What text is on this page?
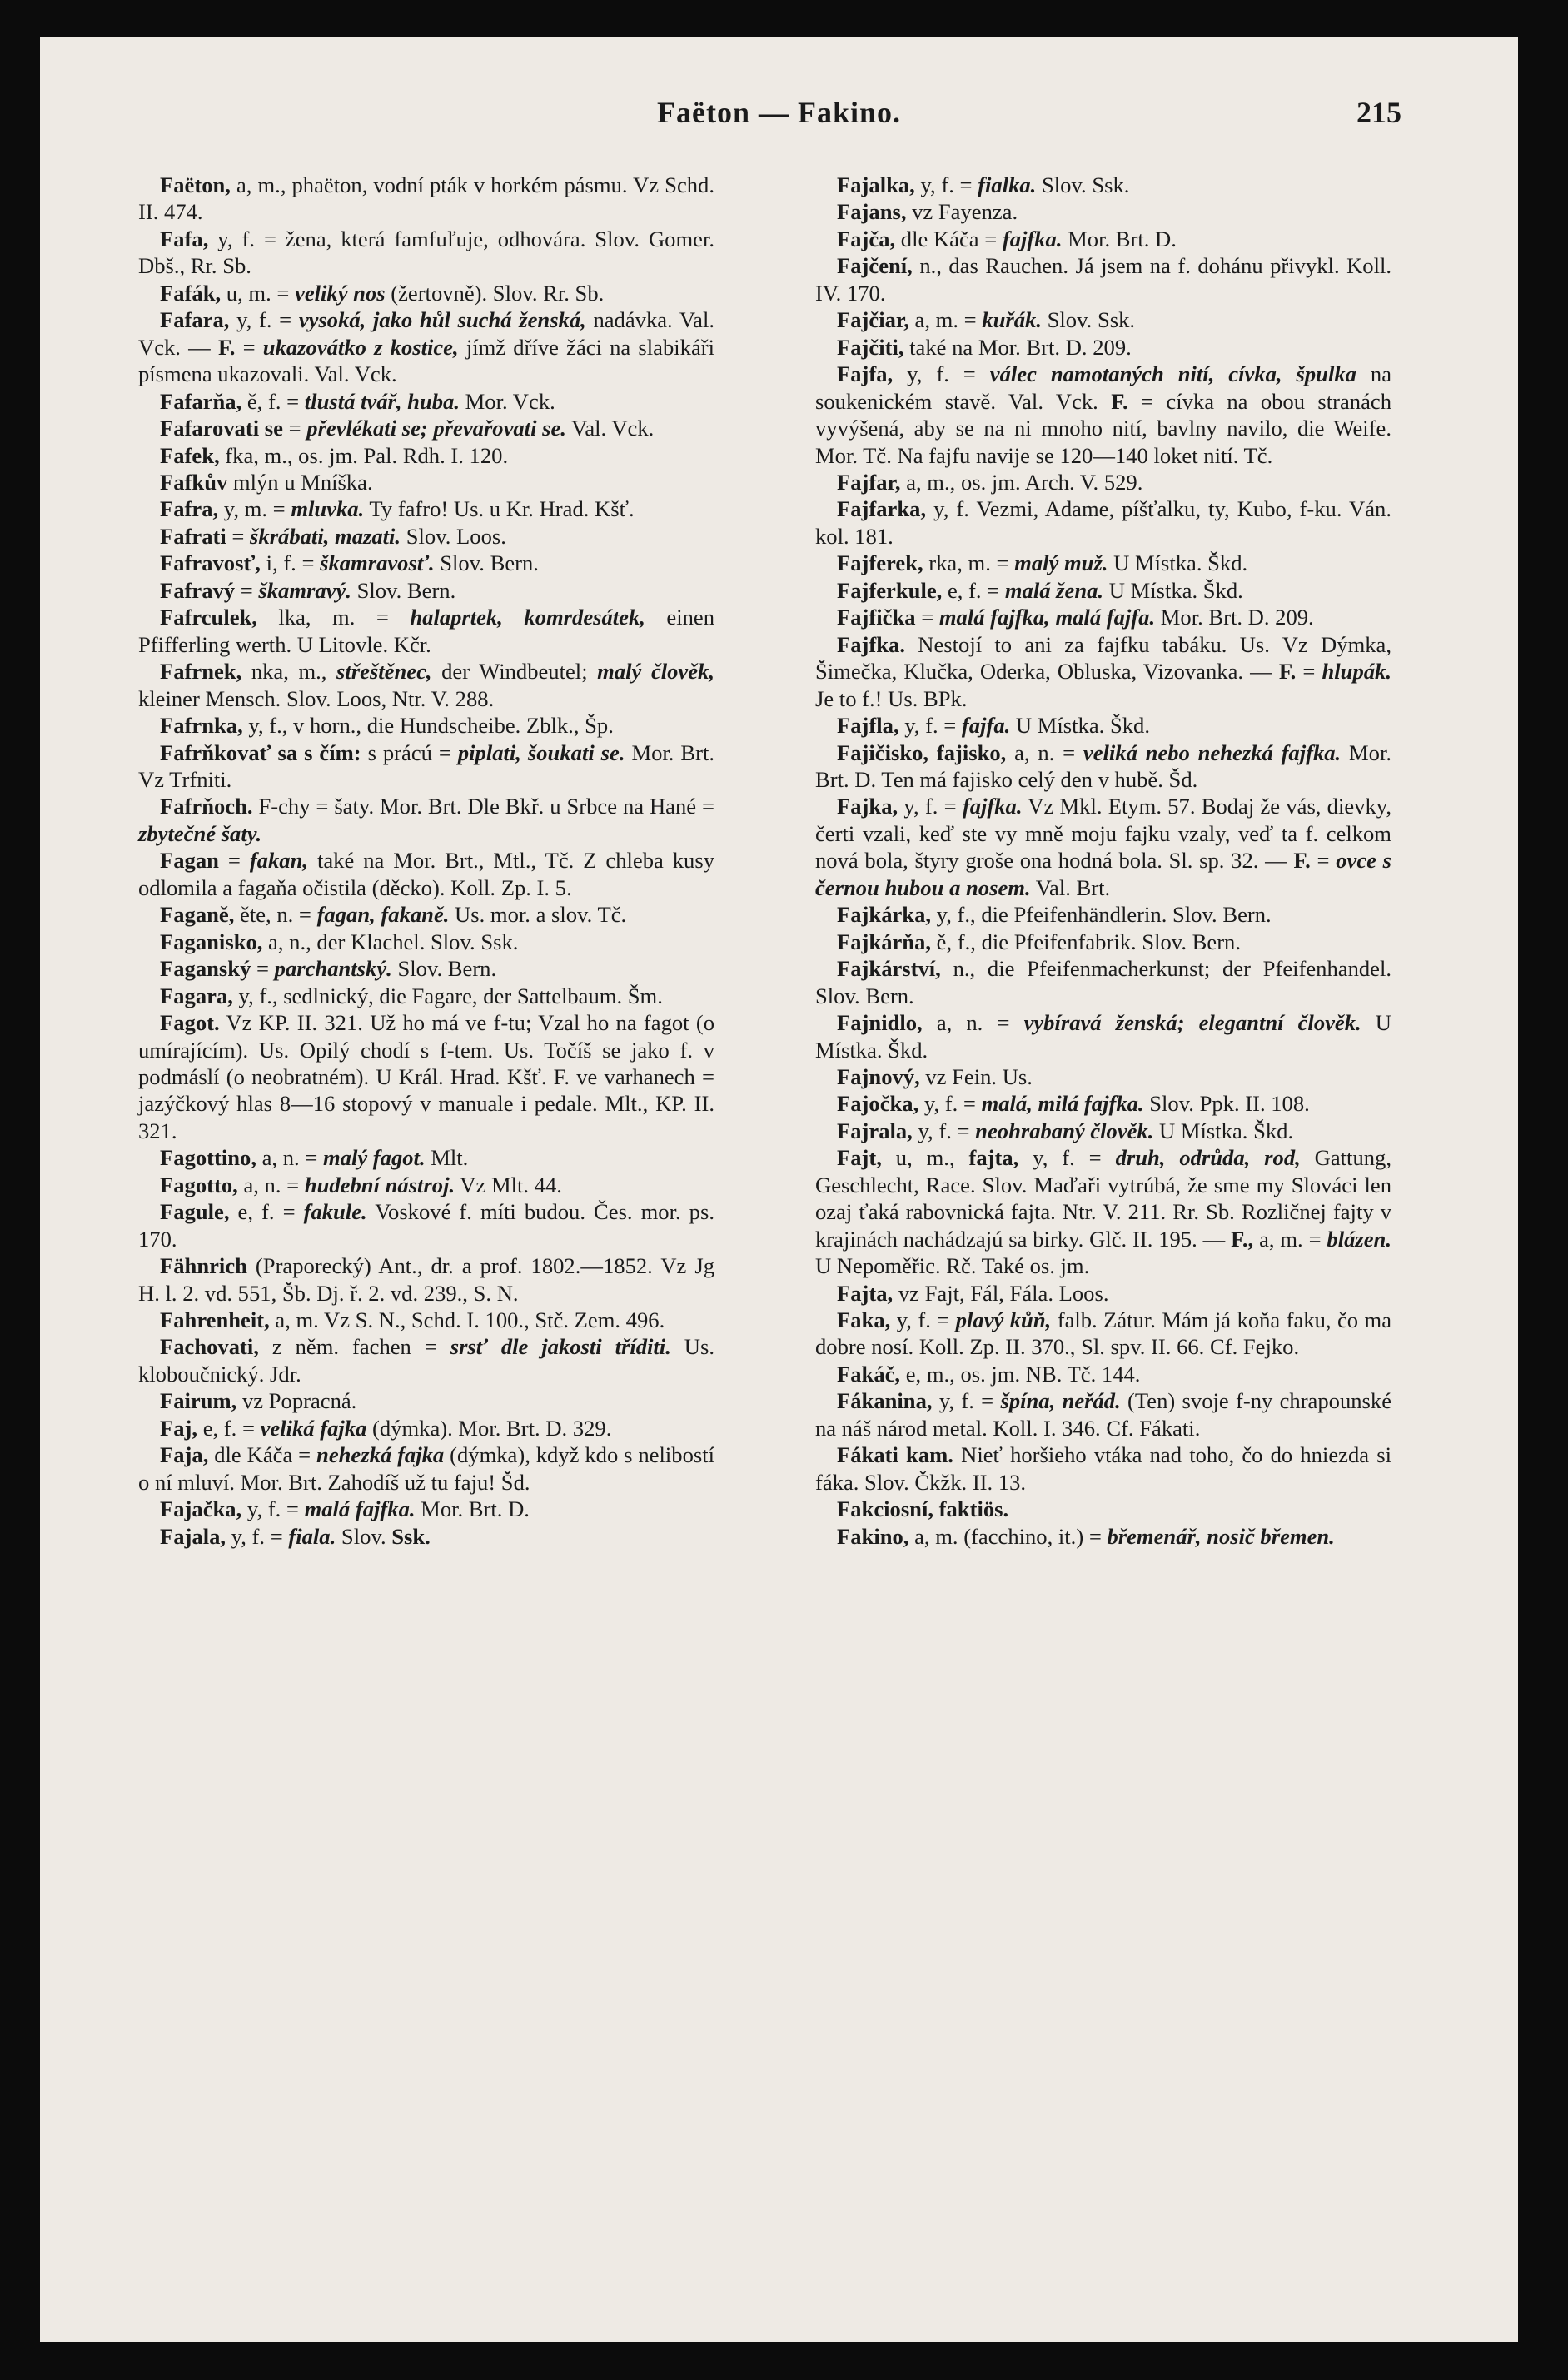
Faëton — Fakino.	215

Faëton, a, m., phaëton, vodní pták v horkém pásmu. Vz Schd. II. 474.

Fafa, y, f. = žena, která famfuľuje, odhovára. Slov. Gomer. Dbš., Rr. Sb.

Fafák, u, m. = veliký nos (žertovně). Slov. Rr. Sb.

Fafara, y, f. = vysoká, jako hůl suchá ženská, nadávka. Val. Vck. — F. = ukazovátko z kostice, jímž dříve žáci na slabikáři písmena ukazovali. Val. Vck.

Fafarňa, ě, f. = tlustá tvář, huba. Mor. Vck.

Fafarovati se = převlékati se; převařovati se. Val. Vck.

Fafek, fka, m., os. jm. Pal. Rdh. I. 120.

Fafkův mlýn u Mníška.

Fafra, y, m. = mluvka. Ty fafro! Us. u Kr. Hrad. Kšť.

Fafrati = škrábati, mazati. Slov. Loos.

Fafravosť, i, f. = škamravosť. Slov. Bern.

Fafravý = škamravý. Slov. Bern.

Fafrculek, lka, m. = halaprtek, komrdesátek, einen Pfifferling werth. U Litovle. Kčr.

Fafrnek, nka, m., střeštěnec, der Windbeutel; malý člověk, kleiner Mensch. Slov. Loos, Ntr. V. 288.

Fafrnka, y, f., v horn., die Hundscheibe. Zblk., Šp.

Fafrňkovať sa s čím: s prácú = piplati, šoukati se. Mor. Brt. Vz Trfniti.

Fafrňoch. F-chy = šaty. Mor. Brt. Dle Bkř. u Srbce na Hané = zbytečné šaty.

Fagan = fakan, také na Mor. Brt., Mtl., Tč. Z chleba kusy odlomila a fagaňa očistila (děcko). Koll. Zp. I. 5.

Faganě, ěte, n. = fagan, fakaně. Us. mor. a slov. Tč.

Faganisko, a, n., der Klachel. Slov. Ssk.

Faganský = parchantský. Slov. Bern.

Fagara, y, f., sedlnický, die Fagare, der Sattelbaum. Šm.

Fagot. Vz KP. II. 321. Už ho má ve f-tu; Vzal ho na fagot (o umírajícím). Us. Opilý chodí s f-tem. Us. Točíš se jako f. v podmáslí (o neobratném). U Král. Hrad. Kšť. F. ve varhanech = jazýčkový hlas 8—16 stopový v manuale i pedale. Mlt., KP. II. 321.

Fagottino, a, n. = malý fagot. Mlt.

Fagotto, a, n. = hudební nástroj. Vz Mlt. 44.

Fagule, e, f. = fakule. Voskové f. míti budou. Čes. mor. ps. 170.

Fähnrich (Praporecký) Ant., dr. a prof. 1802.—1852. Vz Jg H. l. 2. vd. 551, Šb. Dj. ř. 2. vd. 239., S. N.

Fahrenheit, a, m. Vz S. N., Schd. I. 100., Stč. Zem. 496.

Fachovati, z něm. fachen = srsť dle jakosti tříditi. Us. kloboučnický. Jdr.

Fairum, vz Popracná.

Faj, e, f. = veliká fajka (dýmka). Mor. Brt. D. 329.

Faja, dle Káča = nehezká fajka (dýmka), když kdo s nelibostí o ní mluví. Mor. Brt. Zahodíš už tu faju! Šd.

Fajačka, y, f. = malá fajfka. Mor. Brt. D.

Fajala, y, f. = fiala. Slov. Ssk.

Fajalka, y, f. = fialka. Slov. Ssk.

Fajans, vz Fayenza.

Fajča, dle Káča = fajfka. Mor. Brt. D.

Fajčení, n., das Rauchen. Já jsem na f. dohánu přivykl. Koll. IV. 170.

Fajčiar, a, m. = kuřák. Slov. Ssk.

Fajčiti, také na Mor. Brt. D. 209.

Fajfa, y, f. = válec namotaných nití, cívka, špulka na soukenickém stavě. Val. Vck. F. = cívka na obou stranách vyvýšená, aby se na ni mnoho nití, bavlny navilo, die Weife. Mor. Tč. Na fajfu navije se 120—140 loket nití. Tč.

Fajfar, a, m., os. jm. Arch. V. 529.

Fajfarka, y, f. Vezmi, Adame, píšťalku, ty, Kubo, f-ku. Ván. kol. 181.

Fajferek, rka, m. = malý muž. U Místka. Škd.

Fajferkule, e, f. = malá žena. U Místka. Škd.

Fajfička = malá fajfka, malá fajfa. Mor. Brt. D. 209.

Fajfka. Nestojí to ani za fajfku tabáku. Us. Vz Dýmka, Šimečka, Klučka, Oderka, Obluska, Vizovanka. — F. = hlupák. Je to f.! Us. BPk.

Fajfla, y, f. = fajfa. U Místka. Škd.

Fajičisko, fajisko, a, n. = veliká nebo nehezká fajfka. Mor. Brt. D. Ten má fajisko celý den v hubě. Šd.

Fajka, y, f. = fajfka. Vz Mkl. Etym. 57. Bodaj že vás, dievky, čerti vzali, keď ste vy mně moju fajku vzaly, veď ta f. celkom nová bola, štyry groše ona hodná bola. Sl. sp. 32. — F. = ovce s černou hubou a nosem. Val. Brt.

Fajkárka, y, f., die Pfeifenhändlerin. Slov. Bern.

Fajkárňa, ě, f., die Pfeifenfabrik. Slov. Bern.

Fajkárství, n., die Pfeifenmacherkunst; der Pfeifenhandel. Slov. Bern.

Fajnidlo, a, n. = vybíravá ženská; elegantní člověk. U Místka. Škd.

Fajnový, vz Fein. Us.

Fajočka, y, f. = malá, milá fajfka. Slov. Ppk. II. 108.

Fajrala, y, f. = neohrabaný člověk. U Místka. Škd.

Fajt, u, m., fajta, y, f. = druh, odrůda, rod, Gattung, Geschlecht, Race. Slov. Maďaři vytrúbá, že sme my Slováci len ozaj ťaká rabovnická fajta. Ntr. V. 211. Rr. Sb. Rozličnej fajty v krajinách nachádzajú sa birky. Glč. II. 195. — F., a, m. = blázen. U Nepoměřic. Rč. Také os. jm.

Fajta, vz Fajt, Fál, Fála. Loos.

Faka, y, f. = plavý kůň, falb. Zátur. Mám já koňa faku, čo ma dobre nosí. Koll. Zp. II. 370., Sl. spv. II. 66. Cf. Fejko.

Fakáč, e, m., os. jm. NB. Tč. 144.

Fákanina, y, f. = špína, neřád. (Ten) svoje f-ny chrapounské na náš národ metal. Koll. I. 346. Cf. Fákati.

Fákati kam. Nieť horšieho vtáka nad toho, čo do hniezda si fáka. Slov. Čkžk. II. 13.

Fakciosní, faktiös.

Fakino, a, m. (facchino, it.) = břemenář, nosič břemen.
